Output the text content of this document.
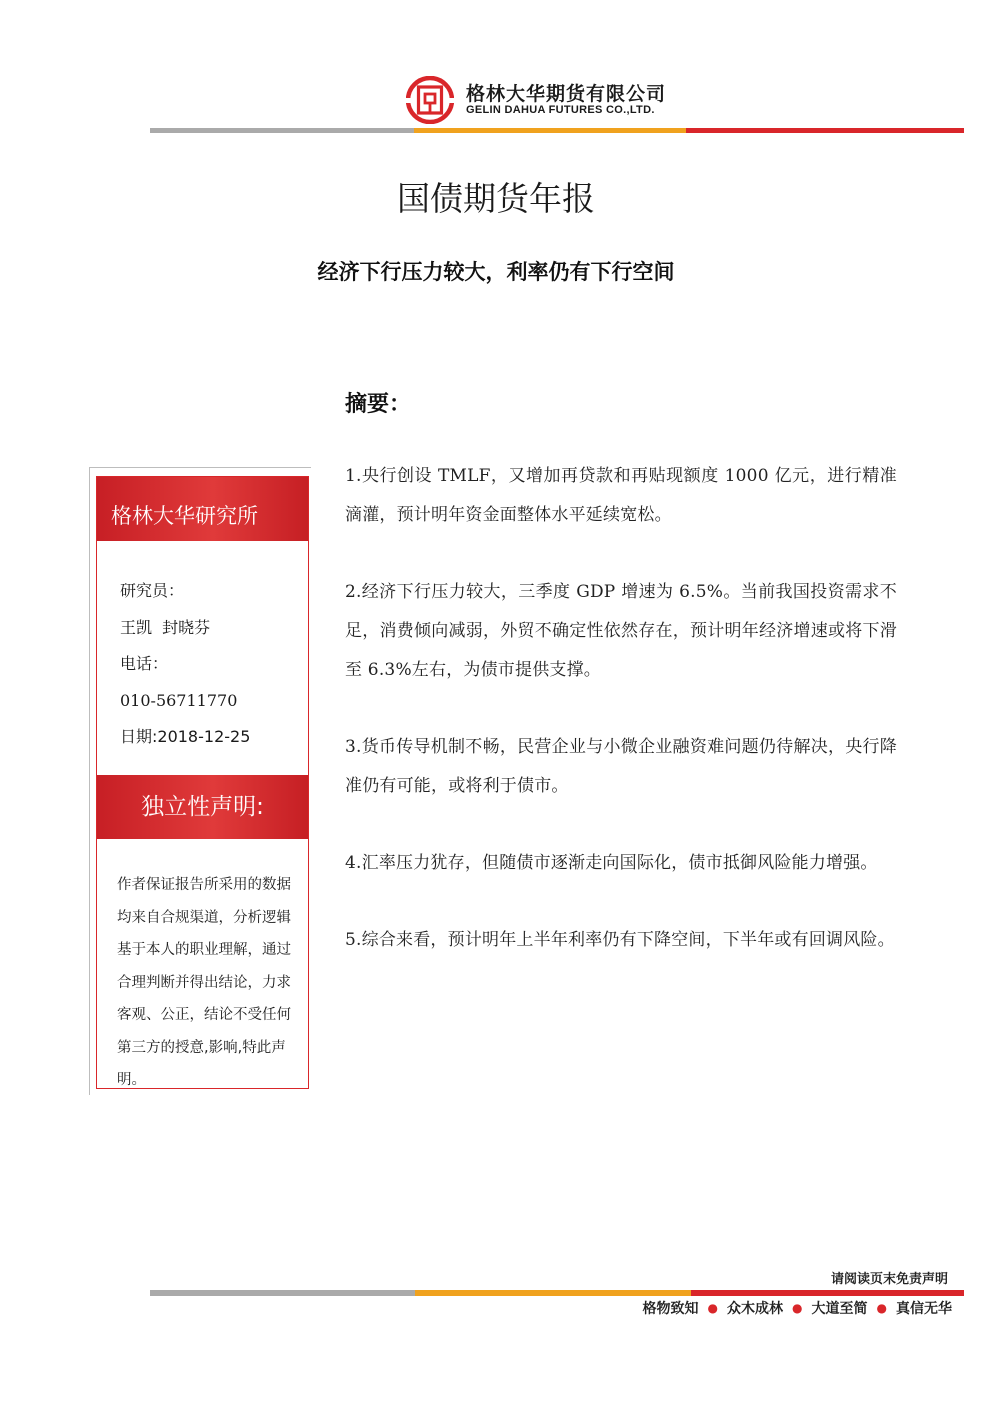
格林大华期货有限公司
GELIN DAHUA FUTURES CO.,LTD.
国债期货年报
经济下行压力较大，利率仍有下行空间
摘要：

1.央行创设 TMLF，又增加再贷款和再贴现额度 1000 亿元，进行精准滴灌，预计明年资金面整体水平延续宽松。

2.经济下行压力较大，三季度 GDP 增速为 6.5%。当前我国投资需求不足，消费倾向减弱，外贸不确定性依然存在，预计明年经济增速或将下滑至 6.3%左右，为债市提供支撑。

3.货币传导机制不畅，民营企业与小微企业融资难问题仍待解决，央行降准仍有可能，或将利于债市。

4.汇率压力犹存，但随债市逐渐走向国际化，债市抵御风险能力增强。

5.综合来看，预计明年上半年利率仍有下降空间，下半年或有回调风险。

格林大华研究所
研究员：
王凯  封晓芬
电话：
010-56711770
日期:2018-12-25
独立性声明:
作者保证报告所采用的数据均来自合规渠道，分析逻辑基于本人的职业理解，通过合理判断并得出结论，力求客观、公正，结论不受任何第三方的授意,影响,特此声明。
请阅读页末免责声明
格物致知 ● 众木成林 ● 大道至简 ● 真信无华
